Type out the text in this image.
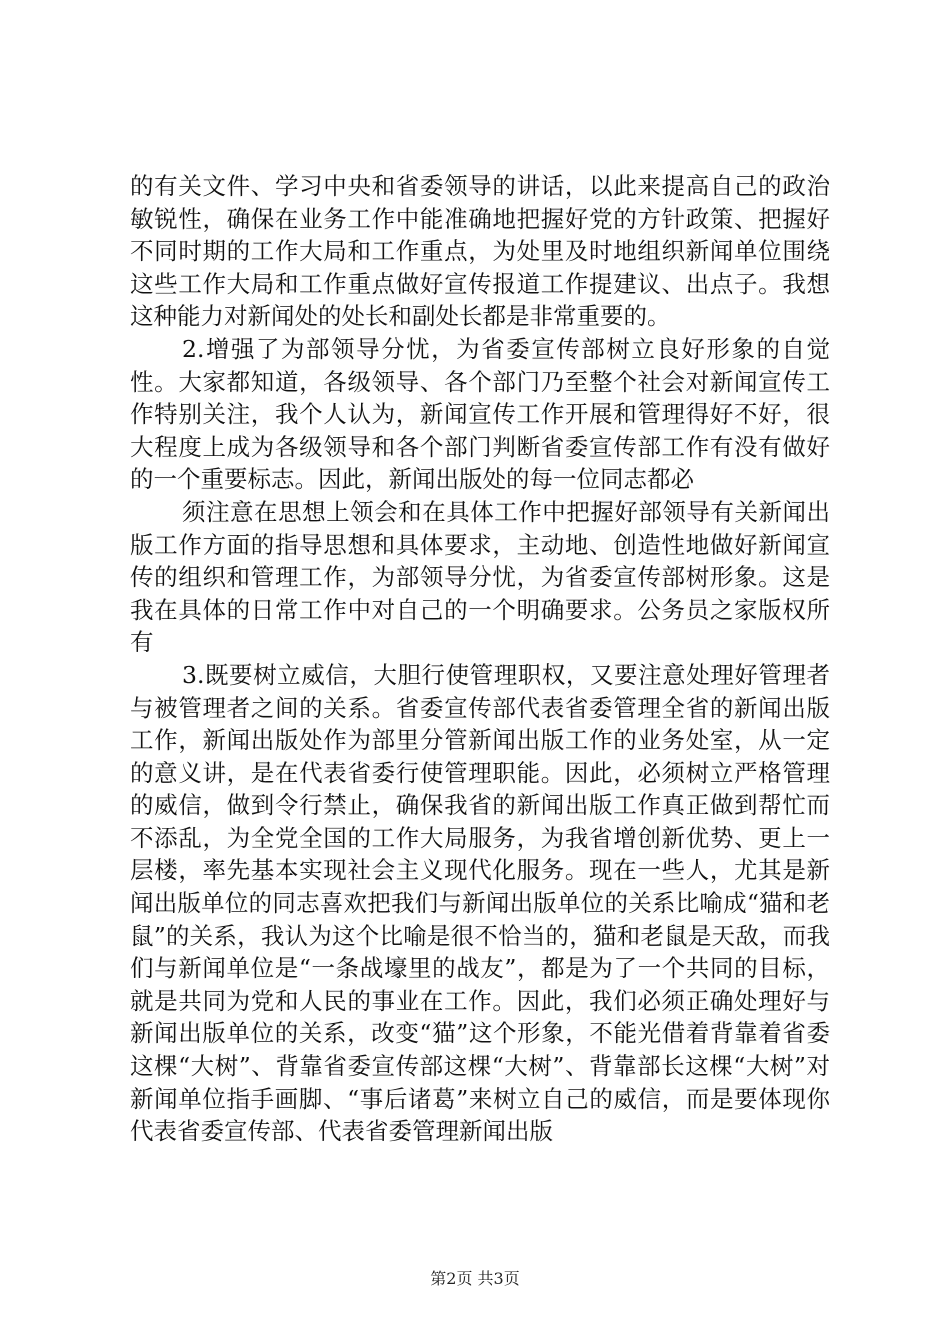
的有关文件、学习中央和省委领导的讲话，以此来提高自己的政治敏锐性，确保在业务工作中能准确地把握好党的方针政策、把握好不同时期的工作大局和工作重点，为处里及时地组织新闻单位围绕这些工作大局和工作重点做好宣传报道工作提建议、出点子。我想这种能力对新闻处的处长和副处长都是非常重要的。

2.增强了为部领导分忧，为省委宣传部树立良好形象的自觉性。大家都知道，各级领导、各个部门乃至整个社会对新闻宣传工作特别关注，我个人认为，新闻宣传工作开展和管理得好不好，很大程度上成为各级领导和各个部门判断省委宣传部工作有没有做好的一个重要标志。因此，新闻出版处的每一位同志都必

须注意在思想上领会和在具体工作中把握好部领导有关新闻出版工作方面的指导思想和具体要求，主动地、创造性地做好新闻宣传的组织和管理工作，为部领导分忧，为省委宣传部树形象。这是我在具体的日常工作中对自己的一个明确要求。公务员之家版权所有

3.既要树立威信，大胆行使管理职权，又要注意处理好管理者与被管理者之间的关系。省委宣传部代表省委管理全省的新闻出版工作，新闻出版处作为部里分管新闻出版工作的业务处室，从一定的意义讲，是在代表省委行使管理职能。因此，必须树立严格管理的威信，做到令行禁止，确保我省的新闻出版工作真正做到帮忙而不添乱，为全党全国的工作大局服务，为我省增创新优势、更上一层楼，率先基本实现社会主义现代化服务。现在一些人，尤其是新闻出版单位的同志喜欢把我们与新闻出版单位的关系比喻成“猫和老鼠”的关系，我认为这个比喻是很不恰当的，猫和老鼠是天敌，而我们与新闻单位是“一条战壕里的战友”，都是为了一个共同的目标，就是共同为党和人民的事业在工作。因此，我们必须正确处理好与新闻出版单位的关系，改变“猫”这个形象，不能光借着背靠着省委这棵“大树”、背靠省委宣传部这棵“大树”、背靠部长这棵“大树”对新闻单位指手画脚、“事后诸葛”来树立自己的威信，而是要体现你代表省委宣传部、代表省委管理新闻出版

第2页 共3页
